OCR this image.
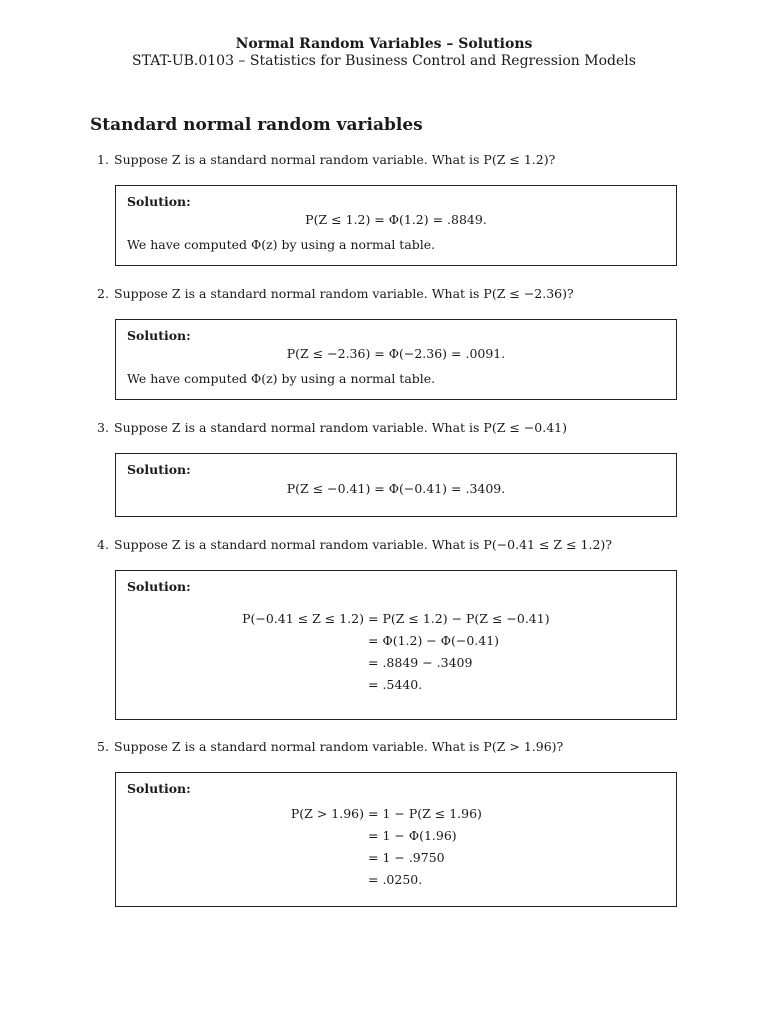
Normal Random Variables – Solutions
STAT-UB.0103 – Statistics for Business Control and Regression Models
Standard normal random variables
1. Suppose Z is a standard normal random variable. What is P(Z ≤ 1.2)?
Solution:
P(Z ≤ 1.2) = Φ(1.2) = .8849.
We have computed Φ(z) by using a normal table.
2. Suppose Z is a standard normal random variable. What is P(Z ≤ −2.36)?
Solution:
P(Z ≤ −2.36) = Φ(−2.36) = .0091.
We have computed Φ(z) by using a normal table.
3. Suppose Z is a standard normal random variable. What is P(Z ≤ −0.41)
Solution:
P(Z ≤ −0.41) = Φ(−0.41) = .3409.
4. Suppose Z is a standard normal random variable. What is P(−0.41 ≤ Z ≤ 1.2)?
Solution:
P(−0.41 ≤ Z ≤ 1.2) = P(Z ≤ 1.2) − P(Z ≤ −0.41)
= Φ(1.2) − Φ(−0.41)
= .8849 − .3409
= .5440.
5. Suppose Z is a standard normal random variable. What is P(Z > 1.96)?
Solution:
P(Z > 1.96) = 1 − P(Z ≤ 1.96)
= 1 − Φ(1.96)
= 1 − .9750
= .0250.
